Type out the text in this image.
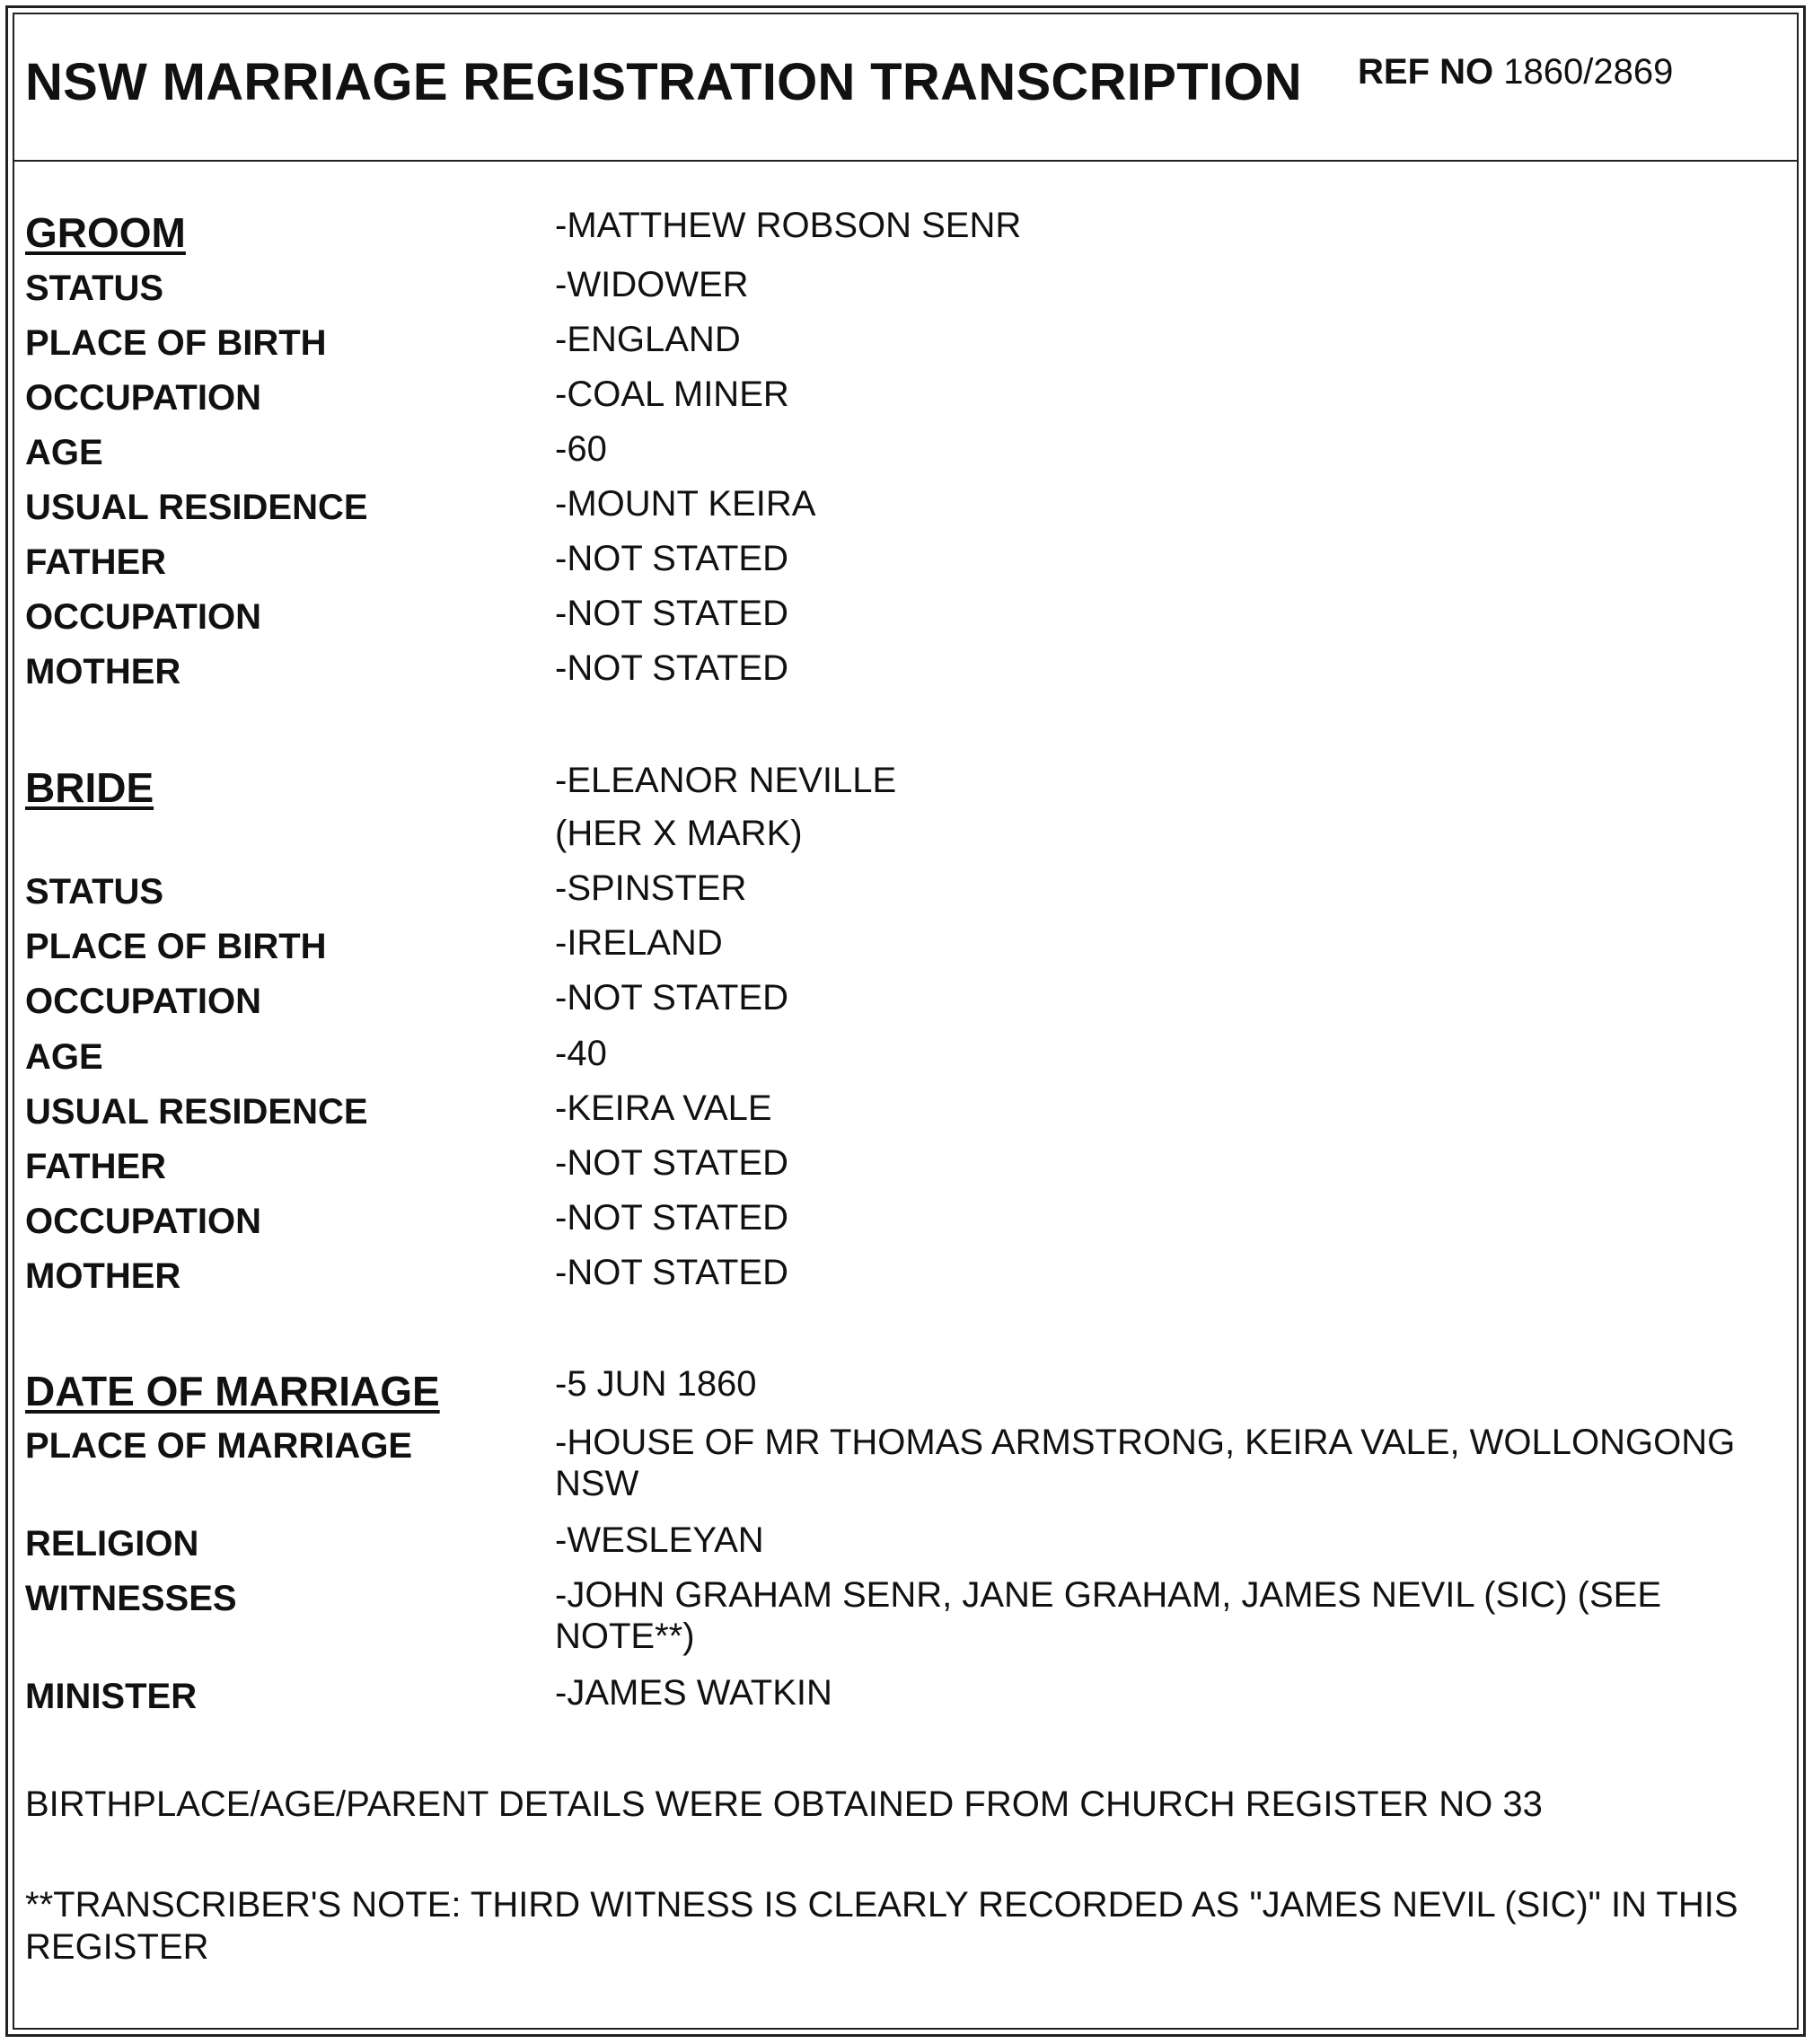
NSW MARRIAGE REGISTRATION TRANSCRIPTION REF NO 1860/2869
GROOM	-MATTHEW ROBSON SENR
STATUS	-WIDOWER
PLACE OF BIRTH	-ENGLAND
OCCUPATION	-COAL MINER
AGE	-60
USUAL RESIDENCE	-MOUNT KEIRA
FATHER	-NOT STATED
OCCUPATION	-NOT STATED
MOTHER	-NOT STATED
BRIDE	-ELEANOR NEVILLE
(HER X MARK)
STATUS	-SPINSTER
PLACE OF BIRTH	-IRELAND
OCCUPATION	-NOT STATED
AGE	-40
USUAL RESIDENCE	-KEIRA VALE
FATHER	-NOT STATED
OCCUPATION	-NOT STATED
MOTHER	-NOT STATED
DATE OF MARRIAGE	-5 JUN 1860
PLACE OF MARRIAGE	-HOUSE OF MR THOMAS ARMSTRONG, KEIRA VALE, WOLLONGONG NSW
RELIGION	-WESLEYAN
WITNESSES	-JOHN GRAHAM SENR, JANE GRAHAM, JAMES NEVIL (SIC) (SEE NOTE**)
MINISTER	-JAMES WATKIN
BIRTHPLACE/AGE/PARENT DETAILS WERE OBTAINED FROM CHURCH REGISTER NO 33
**TRANSCRIBER'S NOTE: THIRD WITNESS IS CLEARLY RECORDED AS "JAMES NEVIL (SIC)" IN THIS REGISTER
